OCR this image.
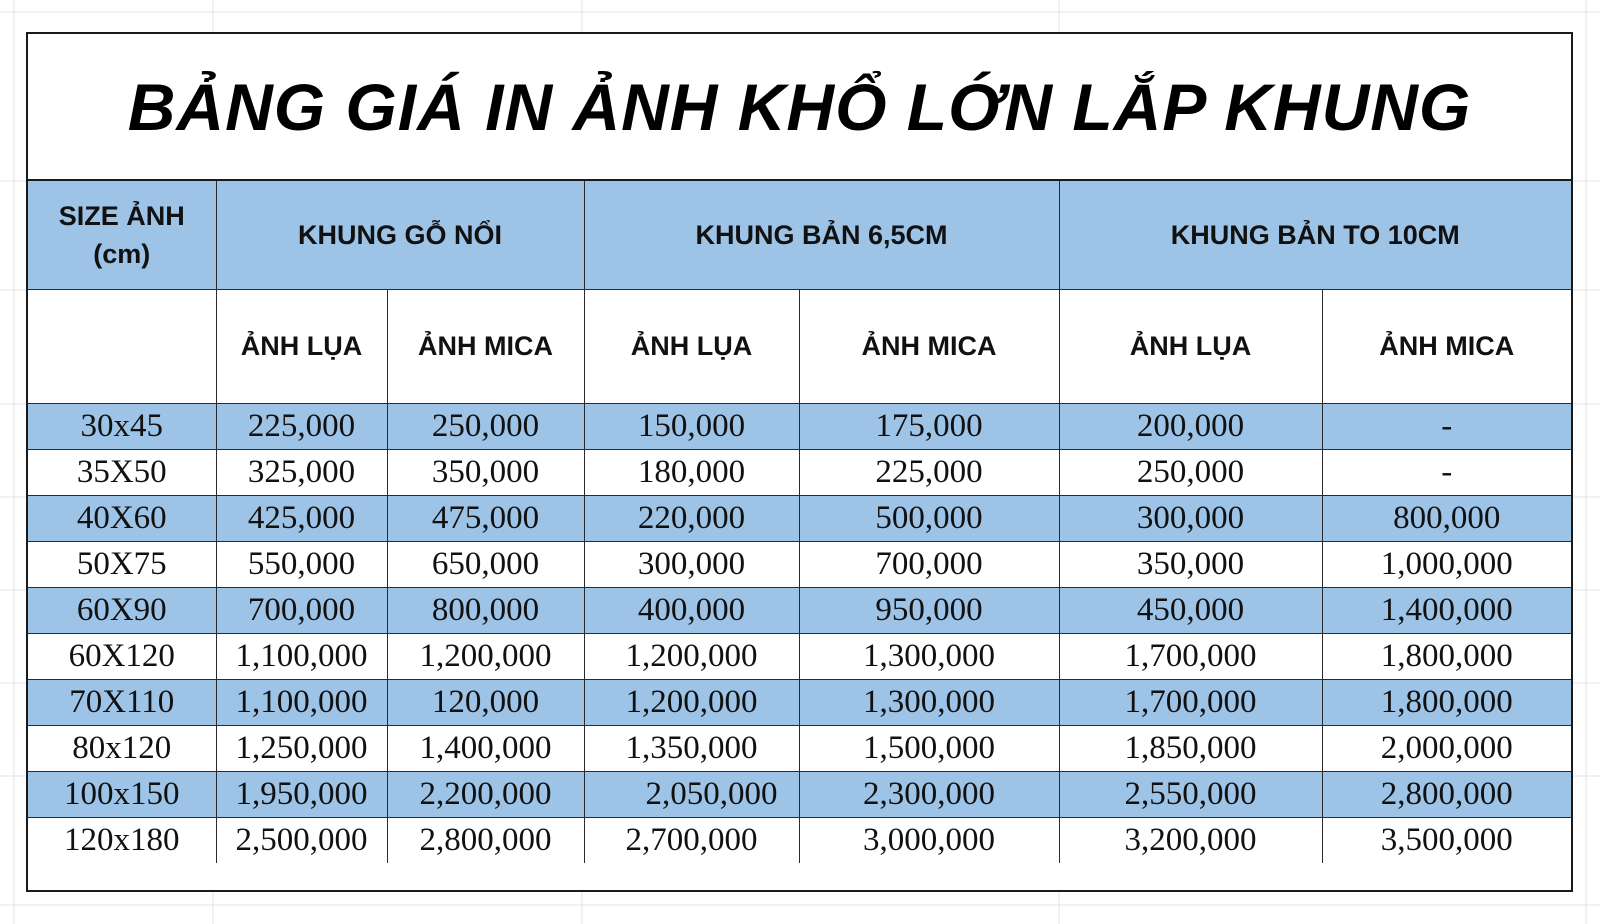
BẢNG GIÁ IN ẢNH KHỔ LỚN LẮP KHUNG
SIZE ẢNH
(cm)	KHUNG GỖ NỔI		KHUNG BẢN 6,5CM		KHUNG BẢN TO 10CM	
	ẢNH LỤA	ẢNH MICA	ẢNH LỤA	ẢNH MICA	ẢNH LỤA	ẢNH MICA
30x45	225,000	250,000	150,000	175,000	200,000	-
35X50	325,000	350,000	180,000	225,000	250,000	-
40X60	425,000	475,000	220,000	500,000	300,000	800,000
50X75	550,000	650,000	300,000	700,000	350,000	1,000,000
60X90	700,000	800,000	400,000	950,000	450,000	1,400,000
60X120	1,100,000	1,200,000	1,200,000	1,300,000	1,700,000	1,800,000
70X110	1,100,000	120,000	1,200,000	1,300,000	1,700,000	1,800,000
80x120	1,250,000	1,400,000	1,350,000	1,500,000	1,850,000	2,000,000
100x150	1,950,000	2,200,000	2,050,000	2,300,000	2,550,000	2,800,000
120x180	2,500,000	2,800,000	2,700,000	3,000,000	3,200,000	3,500,000
